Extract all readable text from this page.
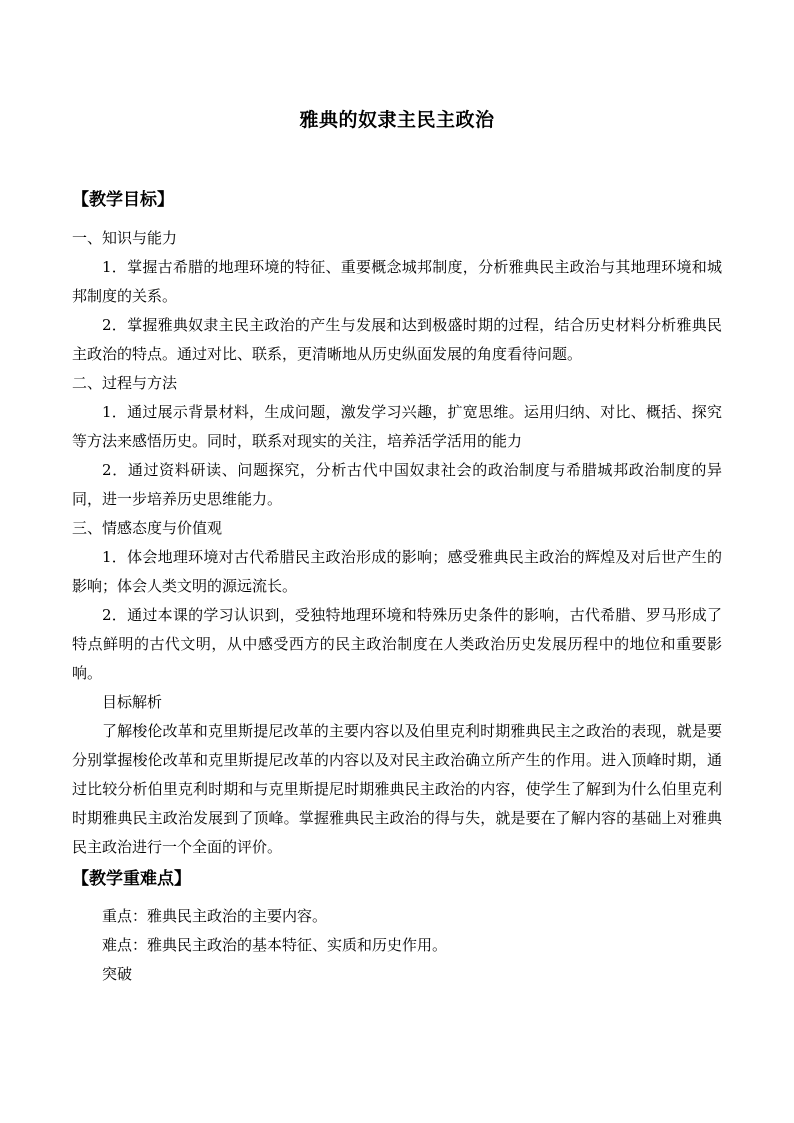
雅典的奴隶主民主政治
【教学目标】
一、知识与能力

1．掌握古希腊的地理环境的特征、重要概念城邦制度，分析雅典民主政治与其地理环境和城邦制度的关系。

2．掌握雅典奴隶主民主政治的产生与发展和达到极盛时期的过程，结合历史材料分析雅典民主政治的特点。通过对比、联系，更清晰地从历史纵面发展的角度看待问题。

二、过程与方法

1．通过展示背景材料，生成问题，激发学习兴趣，扩宽思维。运用归纳、对比、概括、探究等方法来感悟历史。同时，联系对现实的关注，培养活学活用的能力

2．通过资料研读、问题探究，分析古代中国奴隶社会的政治制度与希腊城邦政治制度的异同，进一步培养历史思维能力。

三、情感态度与价值观

1．体会地理环境对古代希腊民主政治形成的影响；感受雅典民主政治的辉煌及对后世产生的影响；体会人类文明的源远流长。

2．通过本课的学习认识到，受独特地理环境和特殊历史条件的影响，古代希腊、罗马形成了特点鲜明的古代文明，从中感受西方的民主政治制度在人类政治历史发展历程中的地位和重要影响。

目标解析

了解梭伦改革和克里斯提尼改革的主要内容以及伯里克利时期雅典民主之政治的表现，就是要分别掌握梭伦改革和克里斯提尼改革的内容以及对民主政治确立所产生的作用。进入顶峰时期，通过比较分析伯里克利时期和与克里斯提尼时期雅典民主政治的内容，使学生了解到为什么伯里克利时期雅典民主政治发展到了顶峰。掌握雅典民主政治的得与失，就是要在了解内容的基础上对雅典民主政治进行一个全面的评价。

【教学重难点】
重点：雅典民主政治的主要内容。
难点：雅典民主政治的基本特征、实质和历史作用。
突破
